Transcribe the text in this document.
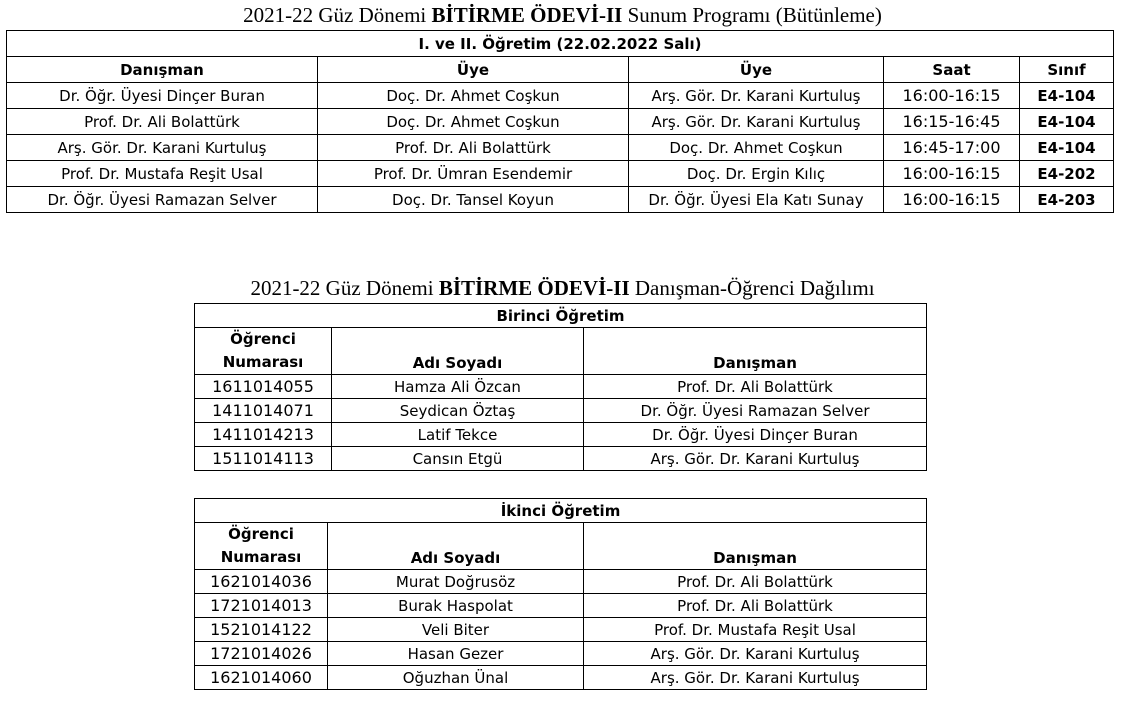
2021-22 Güz Dönemi BİTİRME ÖDEVİ-II Sunum Programı (Bütünleme)
I. ve II. Öğretim (22.02.2022 Salı)				
Danışman	Üye	Üye	Saat	Sınıf
Dr. Öğr. Üyesi Dinçer Buran	Doç. Dr. Ahmet Coşkun	Arş. Gör. Dr. Karani Kurtuluş	16:00-16:15	E4-104
Prof. Dr. Ali Bolattürk	Doç. Dr. Ahmet Coşkun	Arş. Gör. Dr. Karani Kurtuluş	16:15-16:45	E4-104
Arş. Gör. Dr. Karani Kurtuluş	Prof. Dr. Ali Bolattürk	Doç. Dr. Ahmet Coşkun	16:45-17:00	E4-104
Prof. Dr. Mustafa Reşit Usal	Prof. Dr. Ümran Esendemir	Doç. Dr. Ergin Kılıç	16:00-16:15	E4-202
Dr. Öğr. Üyesi Ramazan Selver	Doç. Dr. Tansel Koyun	Dr. Öğr. Üyesi Ela Katı Sunay	16:00-16:15	E4-203
2021-22 Güz Dönemi BİTİRME ÖDEVİ-II Danışman-Öğrenci Dağılımı
Birinci Öğretim		

Öğrenci
Numarası	Adı Soyadı	Danışman
1611014055	Hamza Ali Özcan	Prof. Dr. Ali Bolattürk
1411014071	Seydican Öztaş	Dr. Öğr. Üyesi Ramazan Selver
1411014213	Latif Tekce	Dr. Öğr. Üyesi Dinçer Buran
1511014113	Cansın Etgü	Arş. Gör. Dr. Karani Kurtuluş
İkinci Öğretim		

Öğrenci
Numarası	Adı Soyadı	Danışman
1621014036	Murat Doğrusöz	Prof. Dr. Ali Bolattürk
1721014013	Burak Haspolat	Prof. Dr. Ali Bolattürk
1521014122	Veli Biter	Prof. Dr. Mustafa Reşit Usal
1721014026	Hasan Gezer	Arş. Gör. Dr. Karani Kurtuluş
1621014060	Oğuzhan Ünal	Arş. Gör. Dr. Karani Kurtuluş
